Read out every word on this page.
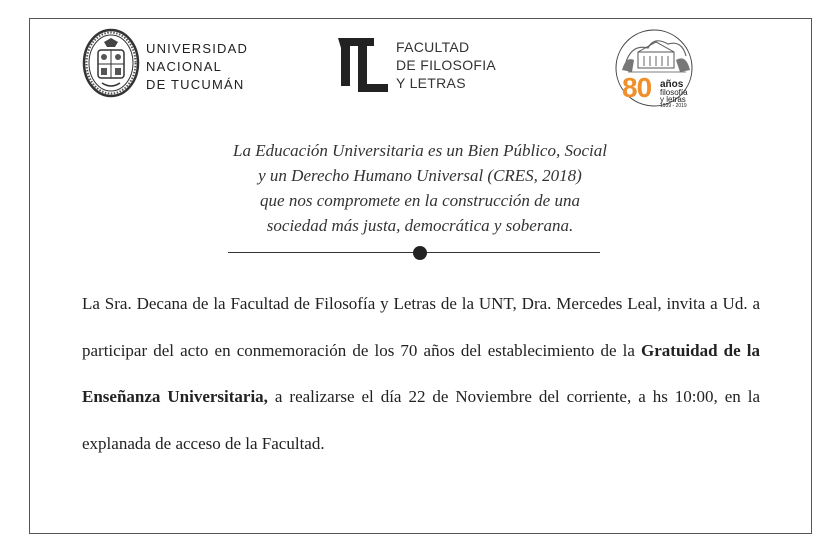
UNIVERSIDAD
NACIONAL
DE TUCUMÁN
FACULTAD
DE FILOSOFIA
Y LETRAS	80 años
filosofía
y letras
1939 - 2019
La Educación Universitaria es un Bien Público, Social
y un Derecho Humano Universal (CRES, 2018)
que nos compromete en la construcción de una
sociedad más justa, democrática y soberana.
La Sra. Decana de la Facultad de Filosofía y Letras de la UNT, Dra. Mercedes Leal, invita a Ud. a participar del acto en conmemoración de los 70 años del establecimiento de la Gratuidad de la Enseñanza Universitaria, a realizarse el día 22 de Noviembre del corriente, a hs 10:00, en la explanada de acceso de la Facultad.
